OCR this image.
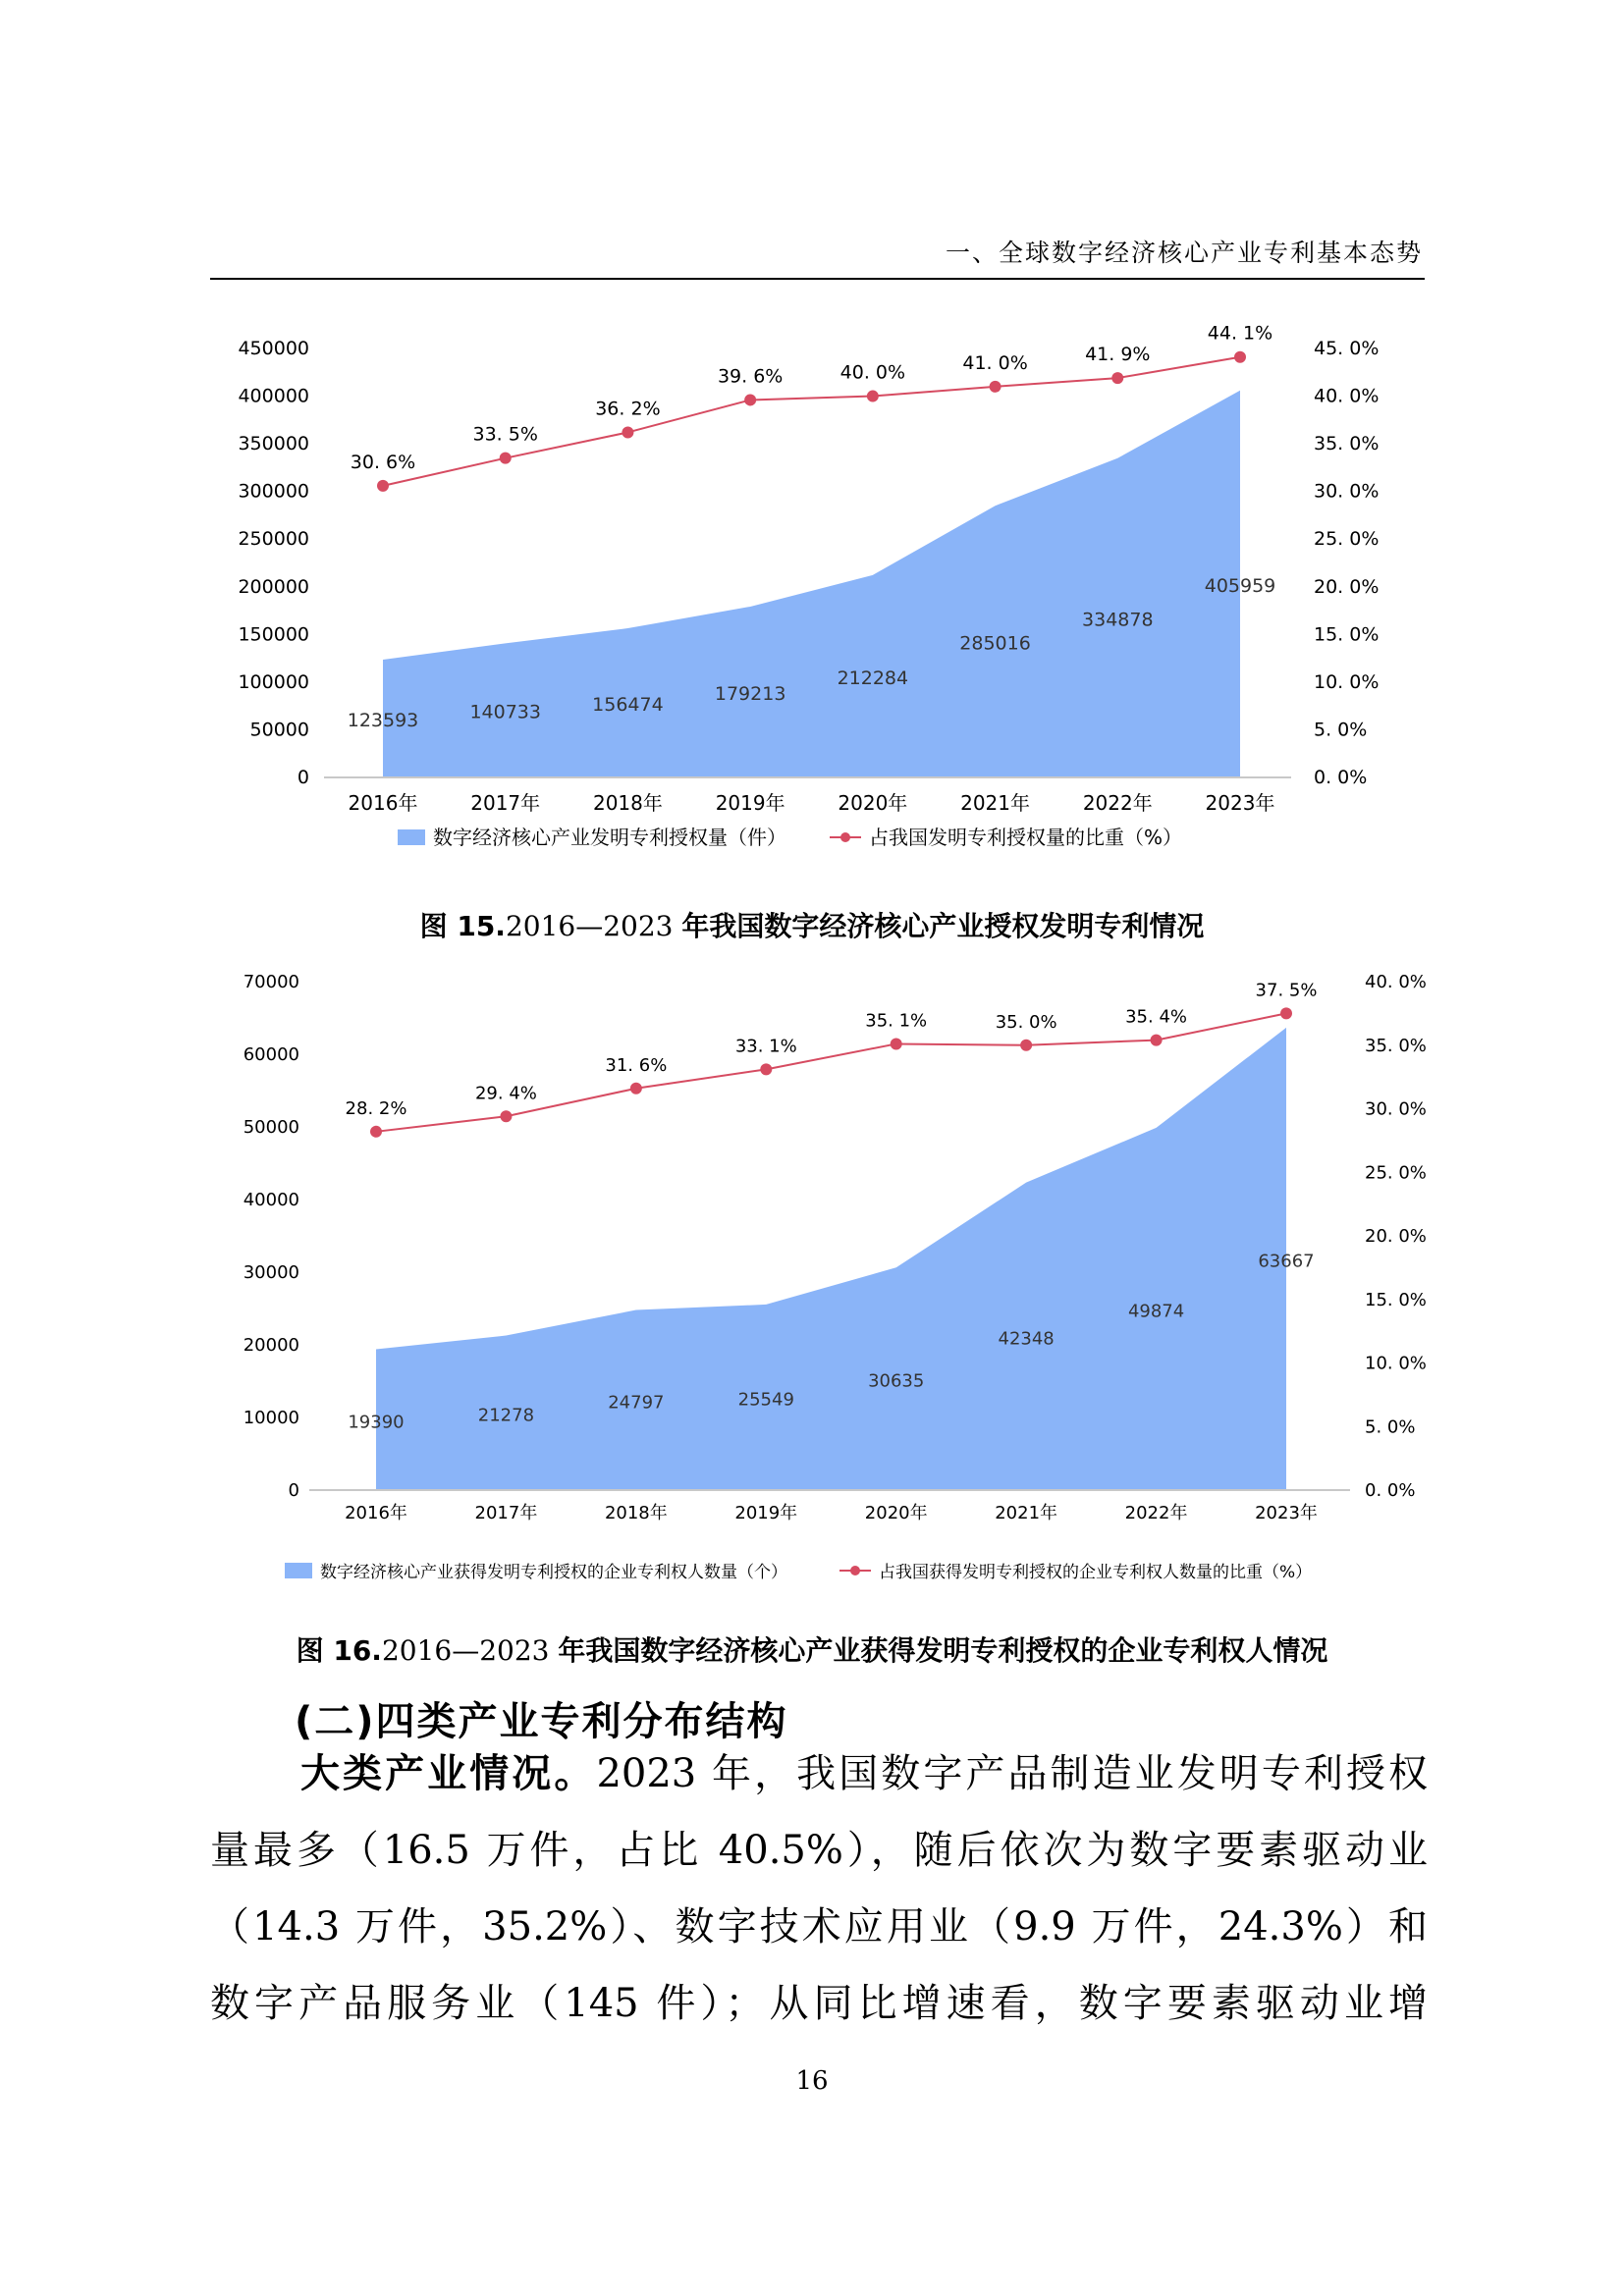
一、全球数字经济核心产业专利基本态势
0
50000
100000
150000
200000
250000
300000
350000
400000
450000
0. 0%
5. 0%
10. 0%
15. 0%
20. 0%
25. 0%
30. 0%
35. 0%
40. 0%
45. 0%
2016年	2017年	2018年	2019年	2020年	2021年	2022年	2023年
123593	140733	156474
179213
212284
285016
334878
405959
30. 6%
33. 5%
36. 2%
39. 6%	40. 0%	41. 0%	41. 9%
44. 1%
数字经济核心产业发明专利授权量（件）	占我国发明专利授权量的比重（%）
图 15.2016—2023 年我国数字经济核心产业授权发明专利情况
0
10000
20000
30000
40000
50000
60000
70000
0. 0%
5. 0%
10. 0%
15. 0%
20. 0%
25. 0%
30. 0%
35. 0%
40. 0%
2016年	2017年	2018年	2019年	2020年	2021年	2022年	2023年
19390	21278
24797	25549
30635
42348
49874
63667
28. 2%
29. 4%
31. 6%
33. 1%
35. 1%	35. 0%	35. 4%
37. 5%
数字经济核心产业获得发明专利授权的企业专利权人数量（个）	占我国获得发明专利授权的企业专利权人数量的比重（%）
图 16.2016—2023 年我国数字经济核心产业获得发明专利授权的企业专利权人情况
(二)四类产业专利分布结构
大类产业情况。2023 年，我国数字产品制造业发明专利授权
量最多（16.5 万件，占比 40.5%），随后依次为数字要素驱动业
（14.3 万件，35.2%）、数字技术应用业（9.9 万件，24.3%）和
数字产品服务业（145 件）；从同比增速看，数字要素驱动业增
16
